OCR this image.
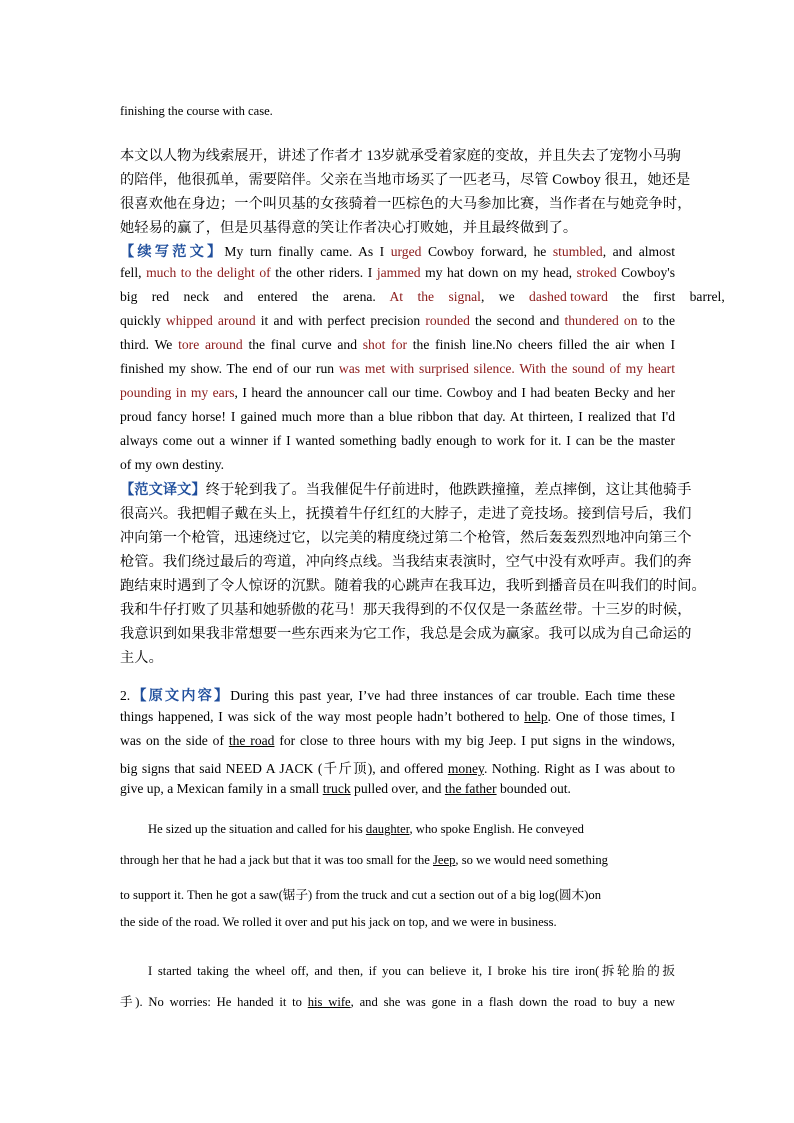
finishing the course with case.
本文以人物为线索展开，讲述了作者才 13岁就承受着家庭的变故，并且失去了宠物小马驹
的陪伴，他很孤单，需要陪伴。父亲在当地市场买了一匹老马，尽管 Cowboy 很丑，她还是
很喜欢他在身边；一个叫贝基的女孩骑着一匹棕色的大马参加比赛，当作者在与她竞争时，
她轻易的赢了，但是贝基得意的笑让作者决心打败她，并且最终做到了。
【续写范文】My turn finally came. As I urged Cowboy forward, he stumbled, and almost
fell, much to the delight of the other riders. I jammed my hat down on my head, stroked Cowboy's
big red neck and entered the arena. At the signal, we dashed toward the first barrel,
quickly whipped around it and with perfect precision rounded the second and thundered on to the
third. We tore around the final curve and shot for the finish line.No cheers filled the air when I
finished my show. The end of our run was met with surprised silence. With the sound of my heart
pounding in my ears, I heard the announcer call our time. Cowboy and I had beaten Becky and her
proud fancy horse! I gained much more than a blue ribbon that day. At thirteen, I realized that I'd
always come out a winner if I wanted something badly enough to work for it. I can be the master
of my own destiny.
【范文译文】终于轮到我了。当我催促牛仔前进时，他跌跌撞撞，差点摔倒，这让其他骑手
很高兴。我把帽子戴在头上，抚摸着牛仔红红的大脖子，走进了竞技场。接到信号后，我们
冲向第一个枪管，迅速绕过它，以完美的精度绕过第二个枪管，然后轰轰烈烈地冲向第三个
枪管。我们绕过最后的弯道，冲向终点线。当我结束表演时，空气中没有欢呼声。我们的奔
跑结束时遇到了令人惊讶的沉默。随着我的心跳声在我耳边，我听到播音员在叫我们的时间。
我和牛仔打败了贝基和她骄傲的花马！那天我得到的不仅仅是一条蓝丝带。十三岁的时候，
我意识到如果我非常想要一些东西来为它工作，我总是会成为赢家。我可以成为自己命运的
主人。
2.【原文内容】During this past year, I’ve had three instances of car trouble. Each time these
things happened, I was sick of the way most people hadn’t bothered to help. One of those times, I
was on the side of the road for close to three hours with my big Jeep. I put signs in the windows,
big signs that said NEED A JACK (千斤顶), and offered money. Nothing. Right as I was about to
give up, a Mexican family in a small truck pulled over, and the father bounded out.
He sized up the situation and called for his daughter, who spoke English. He conveyed
through her that he had a jack but that it was too small for the Jeep, so we would need something
to support it. Then he got a saw(锯子) from the truck and cut a section out of a big log(圆木)on
the side of the road. We rolled it over and put his jack on top, and we were in business.
I started taking the wheel off, and then, if you can believe it, I broke his tire iron(拆轮胎的扳
手). No worries: He handed it to his wife, and she was gone in a flash down the road to buy a new
